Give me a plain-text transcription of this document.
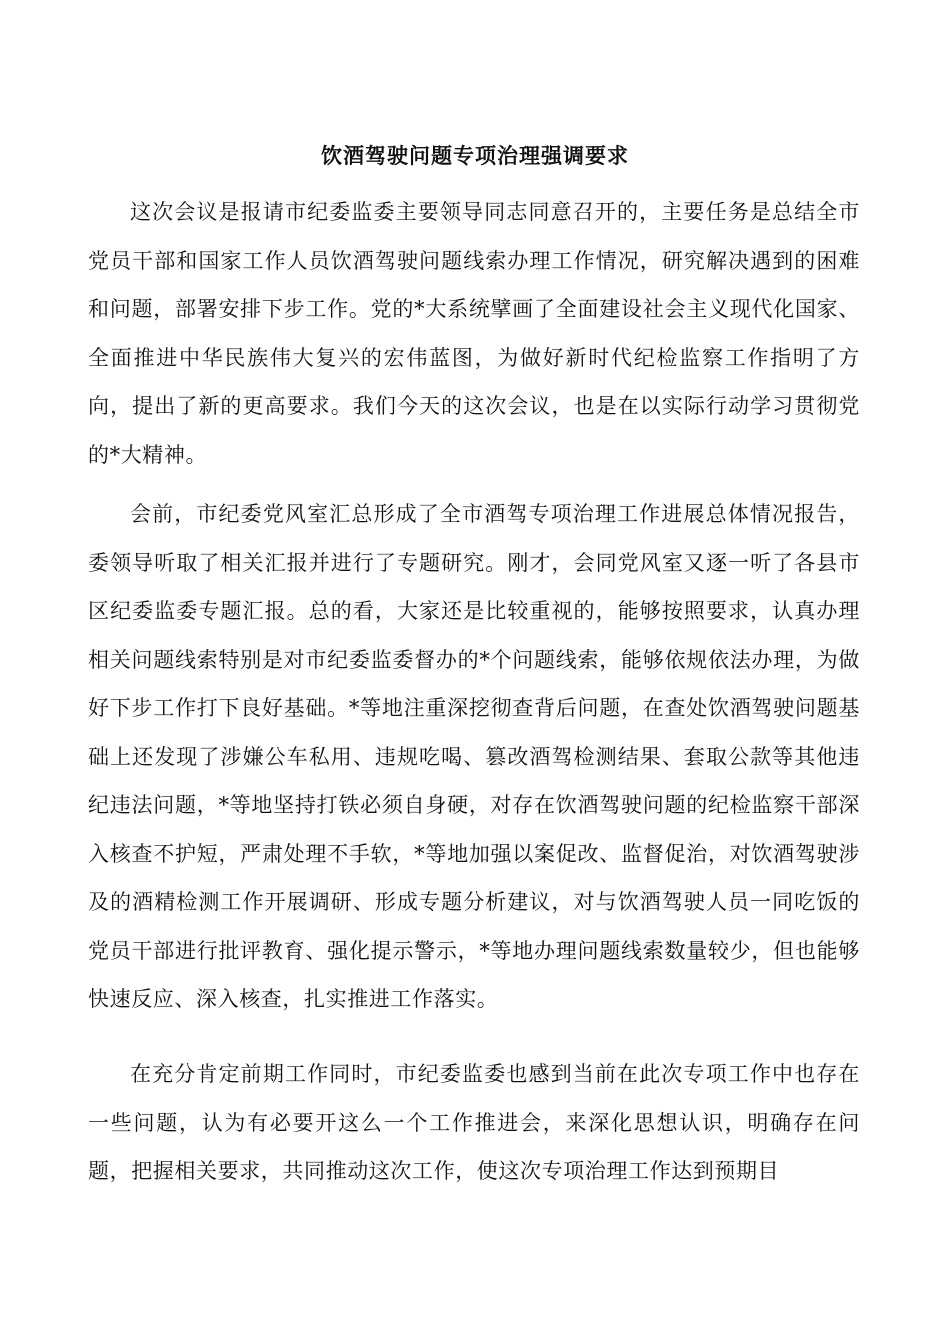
饮酒驾驶问题专项治理强调要求

这次会议是报请市纪委监委主要领导同志同意召开的，主要任务是总结全市党员干部和国家工作人员饮酒驾驶问题线索办理工作情况，研究解决遇到的困难和问题，部署安排下步工作。党的*大系统擘画了全面建设社会主义现代化国家、全面推进中华民族伟大复兴的宏伟蓝图，为做好新时代纪检监察工作指明了方向，提出了新的更高要求。我们今天的这次会议，也是在以实际行动学习贯彻党的*大精神。

会前，市纪委党风室汇总形成了全市酒驾专项治理工作进展总体情况报告，委领导听取了相关汇报并进行了专题研究。刚才，会同党风室又逐一听了各县市区纪委监委专题汇报。总的看，大家还是比较重视的，能够按照要求，认真办理相关问题线索特别是对市纪委监委督办的*个问题线索，能够依规依法办理，为做好下步工作打下良好基础。*等地注重深挖彻查背后问题，在查处饮酒驾驶问题基础上还发现了涉嫌公车私用、违规吃喝、篡改酒驾检测结果、套取公款等其他违纪违法问题，*等地坚持打铁必须自身硬，对存在饮酒驾驶问题的纪检监察干部深入核查不护短，严肃处理不手软，*等地加强以案促改、监督促治，对饮酒驾驶涉及的酒精检测工作开展调研、形成专题分析建议，对与饮酒驾驶人员一同吃饭的党员干部进行批评教育、强化提示警示，*等地办理问题线索数量较少，但也能够快速反应、深入核查，扎实推进工作落实。

在充分肯定前期工作同时，市纪委监委也感到当前在此次专项工作中也存在一些问题，认为有必要开这么一个工作推进会，来深化思想认识，明确存在问题，把握相关要求，共同推动这次工作，使这次专项治理工作达到预期目
